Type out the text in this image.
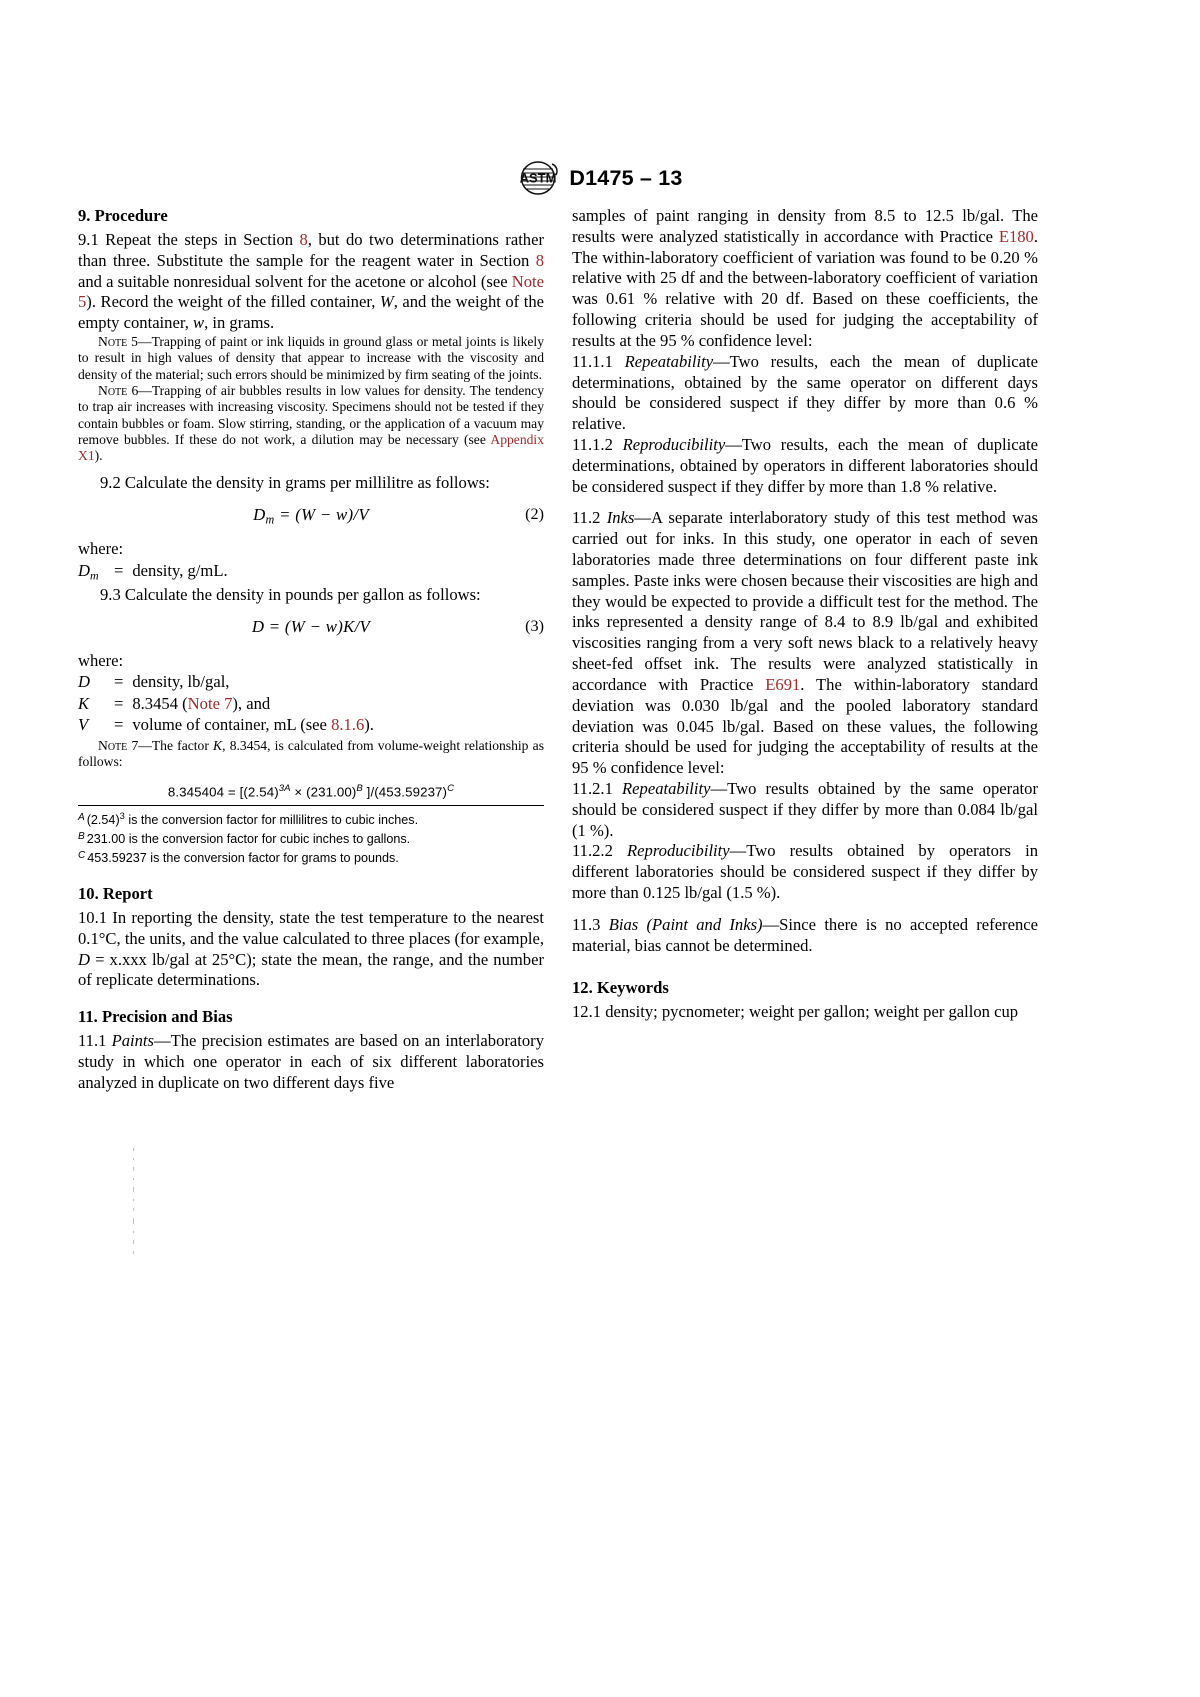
ASTM D1475 – 13
9. Procedure

9.1 Repeat the steps in Section 8, but do two determinations rather than three. Substitute the sample for the reagent water in Section 8 and a suitable nonresidual solvent for the acetone or alcohol (see Note 5). Record the weight of the filled container, W, and the weight of the empty container, w, in grams.

Note 5—Trapping of paint or ink liquids in ground glass or metal joints is likely to result in high values of density that appear to increase with the viscosity and density of the material; such errors should be minimized by firm seating of the joints.

Note 6—Trapping of air bubbles results in low values for density. The tendency to trap air increases with increasing viscosity. Specimens should not be tested if they contain bubbles or foam. Slow stirring, standing, or the application of a vacuum may remove bubbles. If these do not work, a dilution may be necessary (see Appendix X1).

9.2 Calculate the density in grams per millilitre as follows:

$D_m = (W - w)/V$	(2)

where:

$D_m$	=	density, g/mL.

9.3 Calculate the density in pounds per gallon as follows:

D = (W − w)K/V	(3)

where:

D	=	density, lb/gal,
K	=	8.3454 (Note 7), and
V	=	volume of container, mL (see 8.1.6).

Note 7—The factor K, 8.3454, is calculated from volume-weight relationship as follows:

$8.345404 = [(2.54)^{3A} \times (231.00)^B$ ]$/(453.59237)^C$

$^A$ $(2.54)^3$ is the conversion factor for millilitres to cubic inches.

$^B$ 231.00 is the conversion factor for cubic inches to gallons.

$^C$ 453.59237 is the conversion factor for grams to pounds.

10. Report

10.1 In reporting the density, state the test temperature to the nearest 0.1°C, the units, and the value calculated to three places (for example, D = x.xxx lb/gal at 25°C); state the mean, the range, and the number of replicate determinations.

11. Precision and Bias

11.1 Paints—The precision estimates are based on an interlaboratory study in which one operator in each of six different laboratories analyzed in duplicate on two different days five

samples of paint ranging in density from 8.5 to 12.5 lb/gal. The results were analyzed statistically in accordance with Practice E180. The within-laboratory coefficient of variation was found to be 0.20 % relative with 25 df and the between-laboratory coefficient of variation was 0.61 % relative with 20 df. Based on these coefficients, the following criteria should be used for judging the acceptability of results at the 95 % confidence level:

11.1.1 Repeatability—Two results, each the mean of duplicate determinations, obtained by the same operator on different days should be considered suspect if they differ by more than 0.6 % relative.

11.1.2 Reproducibility—Two results, each the mean of duplicate determinations, obtained by operators in different laboratories should be considered suspect if they differ by more than 1.8 % relative.

11.2 Inks—A separate interlaboratory study of this test method was carried out for inks. In this study, one operator in each of seven laboratories made three determinations on four different paste ink samples. Paste inks were chosen because their viscosities are high and they would be expected to provide a difficult test for the method. The inks represented a density range of 8.4 to 8.9 lb/gal and exhibited viscosities ranging from a very soft news black to a relatively heavy sheet-fed offset ink. The results were analyzed statistically in accordance with Practice E691. The within-laboratory standard deviation was 0.030 lb/gal and the pooled laboratory standard deviation was 0.045 lb/gal. Based on these values, the following criteria should be used for judging the acceptability of results at the 95 % confidence level:

11.2.1 Repeatability—Two results obtained by the same operator should be considered suspect if they differ by more than 0.084 lb/gal (1 %).

11.2.2 Reproducibility—Two results obtained by operators in different laboratories should be considered suspect if they differ by more than 0.125 lb/gal (1.5 %).

11.3 Bias (Paint and Inks)—Since there is no accepted reference material, bias cannot be determined.

12. Keywords

12.1 density; pycnometer; weight per gallon; weight per gallon cup
